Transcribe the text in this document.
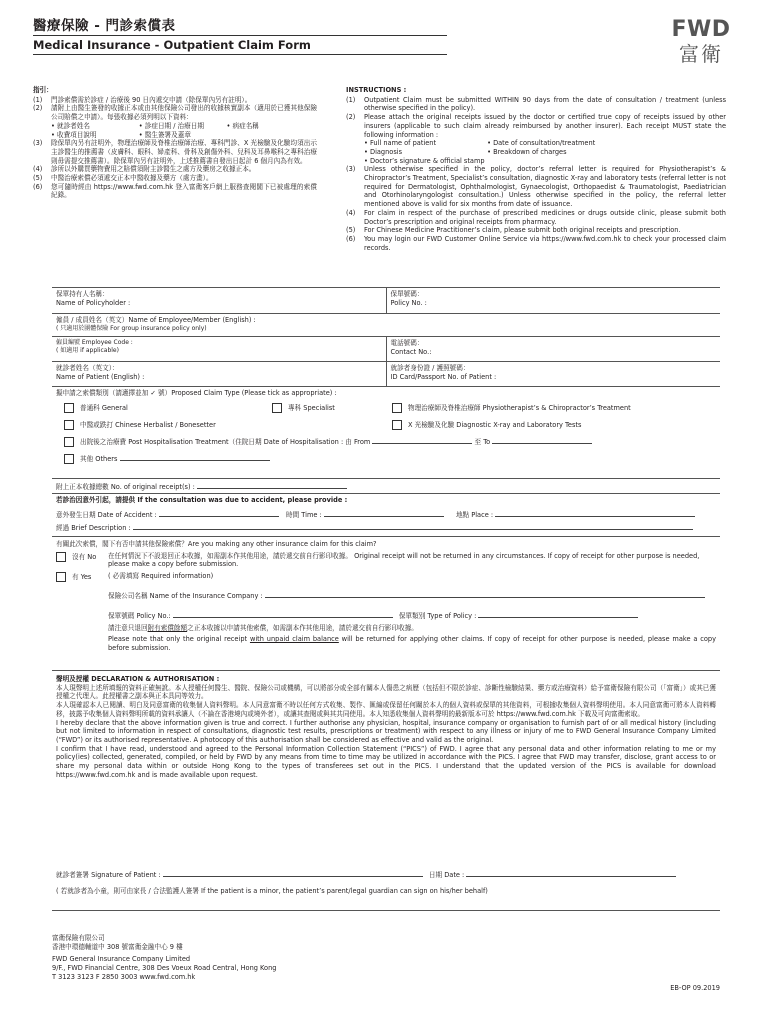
醫療保險 - 門診索償表
Medical Insurance - Outpatient Claim Form
FWD
富衛
指引：
(1)	門診索償需於診症 / 治療後 90 日內遞交申請（除保單內另有註明）。
(2)	請附上由醫生簽發的收據正本或由其他保險公司發出的收據核實副本（適用於已獲其他保險公司賠償之申請）。每張收據必須列明以下資料：
• 就診者姓名	• 診症日期 / 治療日期	• 病症名稱
• 收費項目說明	• 醫生簽署及蓋章
(3)	除保單內另有註明外，物理治療師及脊椎治療師治療、專科門診、X 光檢驗及化驗均須出示主診醫生的推薦書（皮膚科、眼科、婦產科、骨科及創傷外科、兒科及耳鼻喉科之專科治療則毋需提交推薦書）。除保單內另有註明外，上述推薦書自發出日起計 6 個月內為有效。
(4)	診所以外購買藥物費用之賠償須附主診醫生之處方及藥房之收據正本。
(5)	中醫治療索償必須遞交正本中醫收據及藥方（處方畫）。
(6)	您可隨時經由 https://www.fwd.com.hk 登入富衛客戶網上服務查閱閣下已被處理的索償紀錄。
INSTRUCTIONS :
(1)	Outpatient Claim must be submitted WITHIN 90 days from the date of consultation / treatment (unless otherwise specified in the policy).
(2)	Please attach the original receipts issued by the doctor or certified true copy of receipts issued by other insurers (applicable to such claim already reimbursed by another insurer). Each receipt MUST state the following information :
• Full name of patient	• Date of consultation/treatment
• Diagnosis	• Breakdown of charges
• Doctor’s signature & official stamp
(3)	Unless otherwise specified in the policy, doctor’s referral letter is required for Physiotherapist’s & Chiropractor’s Treatment, Specialist’s consultation, diagnostic X-ray and laboratory tests (referral letter is not required for Dermatologist, Ophthalmologist, Gynaecologist, Orthopaedist & Traumatologist, Paediatrician and Otorhinolaryngologist consultation.) Unless otherwise specified in the policy, the referral letter mentioned above is valid for six months from date of issuance.
(4)	For claim in respect of the purchase of prescribed medicines or drugs outside clinic, please submit both Doctor’s prescription and original receipts from pharmacy.
(5)	For Chinese Medicine Practitioner’s claim, please submit both original receipts and prescription.
(6)	You may login our FWD Customer Online Service via https://www.fwd.com.hk to check your processed claim records.
保單持有人名稱：
Name of Policyholder :
保單號碼：
Policy No. :
僱員 / 成員姓名（英文）Name of Employee/Member (English) :
( 只適用於團體保險 For group insurance policy only)
僱員編號 Employee Code :
( 如適用 if applicable)
電話號碼：
Contact No.:
就診者姓名（英文）：
Name of Patient (English) :
就診者身份證 / 護照號碼：
ID Card/Passport No. of Patient :
擬申請之索償類別（請適擇並加 ✓ 號）Proposed Claim Type (Please tick as appropriate) :
普通科 General	專科 Specialist	物理治療師及脊椎治療師 Physiotherapist’s & Chiropractor’s Treatment
中醫或跌打 Chinese Herbalist / Bonesetter	X 光檢驗及化驗 Diagnostic X-ray and Laboratory Tests
出院後之治療費 Post Hospitalisation Treatment（住院日期 Date of Hospitalisation : 由 From	至 To
其他 Others
附上正本收據總數 No. of original receipt(s) :
若診治因意外引起，請提供 If the consultation was due to accident, please provide :
意外發生日期 Date of Accident :	時間 Time :	地點 Place :
經過 Brief Description :
有關此次索償，閣下有否申請其他保險索償？Are you making any other insurance claim for this claim?
沒有 No	在任何情況下不設退回正本收據，如需副本作其他用途，請於遞交前自行影印收據。 Original receipt will not be returned in any circumstances. If copy of receipt for other purpose is needed, please make a copy before submission.
有 Yes	( 必需填寫 Required information)
保險公司名稱 Name of the Insurance Company :
保單號碼 Policy No.:	保單類別 Type of Policy :
請注意只退回附有索償餘額之正本收據以申請其他索償，如需副本作其他用途，請於遞交前自行影印收據。
Please note that only the original receipt with unpaid claim balance will be returned for applying other claims. If copy of receipt for other purpose is needed, please make a copy before submission.
聲明及授權 DECLARATION & AUTHORISATION :
本人現聲明上述所填報的資料正確無訛。本人授權任何醫生、醫院、保險公司或機構，可以將部分或全部有關本人傷患之病歷（包括但不限於診症、診斷性檢驗結果、藥方或治療資料）給予富衛保險有限公司（「富衛」）或其已獲授權之代理人。此授權書之副本與正本具同等效力。
本人現確認本人已閱讀、明白及同意富衛的收集個人資料聲明。本人同意富衛不時以任何方式收集、製作、匯編或保留任何關於本人的個人資料或保單的其他資料，可根據收集個人資料聲明使用。本人同意富衛可將本人資料轉移，披露予收集個人資料聲明所載的資料承讓人（不論在香港境內或境外者），或讓其查閱或與其共同使用。本人知悉收集個人資料聲明的最新版本可於 https://www.fwd.com.hk 下載及可向富衛索取。
I hereby declare that the above information given is true and correct. I further authorise any physician, hospital, insurance company or organisation to furnish part of or all medical history (including but not limited to information in respect of consultations, diagnostic test results, prescriptions or treatment) with respect to any illness or injury of me to FWD General Insurance Company Limited (“FWD”) or its authorised representative. A photocopy of this authorisation shall be considered as effective and valid as the original.
I confirm that I have read, understood and agreed to the Personal Information Collection Statement (“PICS”) of FWD. I agree that any personal data and other information relating to me or my policy(ies) collected, generated, compiled, or held by FWD by any means from time to time may be utilized in accordance with the PICS. I agree that FWD may transfer, disclose, grant access to or share my personal data within or outside Hong Kong to the types of transferees set out in the PICS. I understand that the updated version of the PICS is available for download https://www.fwd.com.hk and is made available upon request.
就診者簽署 Signature of Patient :	日期 Date :
( 若就診者為小童，則可由家長 / 合法監護人簽署 If the patient is a minor, the patient’s parent/legal guardian can sign on his/her behalf)
富衛保險有限公司
香港中環德輔道中 308 號富衛金融中心 9 樓
FWD General Insurance Company Limited
9/F., FWD Financial Centre, 308 Des Voeux Road Central, Hong Kong
T 3123 3123 F 2850 3003 www.fwd.com.hk
EB-OP 09.2019
